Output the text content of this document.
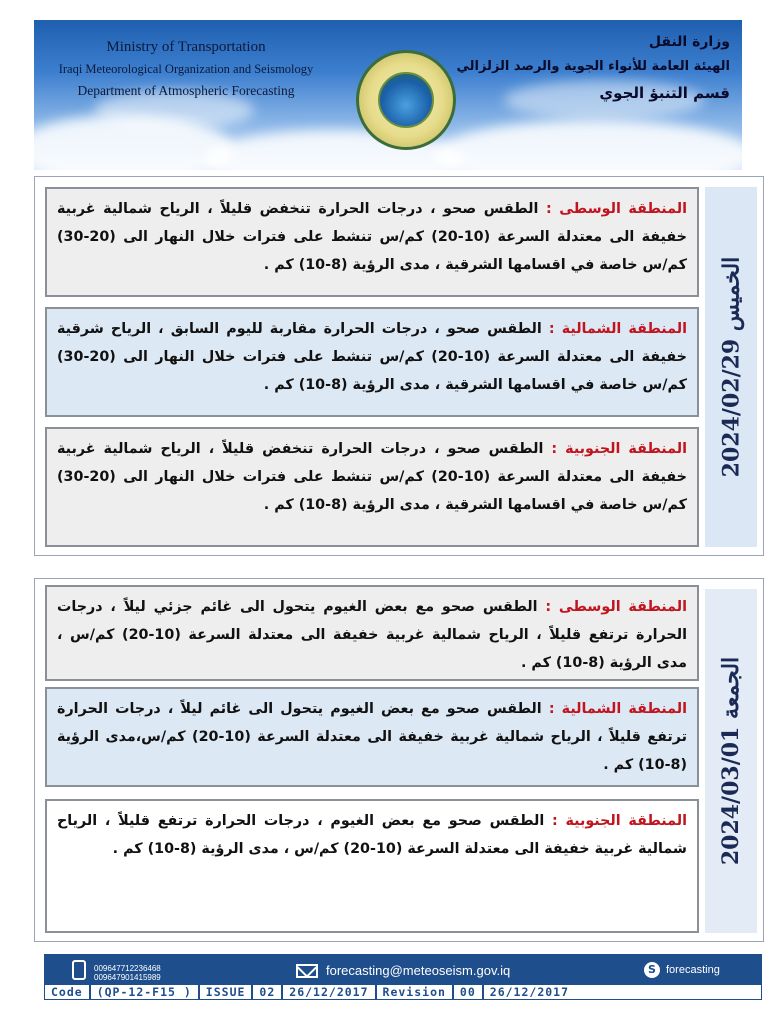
Ministry of Transportation
Iraqi Meteorological Organization and Seismology
Department of Atmospheric Forecasting
وزارة النقل
الهيئة العامة للأنواء الجوية والرصد الزلزالي
قسم التنبؤ الجوي
الخميس 2024/02/29
المنطقة الوسطى : الطقس صحو ، درجات الحرارة تنخفض قليلاً ، الرياح شمالية غربية خفيفة الى معتدلة السرعة (10-20) كم/س تنشط على فترات خلال النهار الى (20-30) كم/س خاصة في اقسامها الشرقية ، مدى الرؤية (8-10) كم .
المنطقة الشمالية : الطقس صحو ، درجات الحرارة مقاربة لليوم السابق ، الرياح شرقية خفيفة الى معتدلة السرعة (10-20) كم/س تنشط على فترات خلال النهار الى (20-30) كم/س خاصة في اقسامها الشرقية ، مدى الرؤية (8-10) كم .
المنطقة الجنوبية : الطقس صحو ، درجات الحرارة تنخفض قليلاً ، الرياح شمالية غربية خفيفة الى معتدلة السرعة (10-20) كم/س تنشط على فترات خلال النهار الى (20-30) كم/س خاصة في اقسامها الشرقية ، مدى الرؤية (8-10) كم .
الجمعة 2024/03/01
المنطقة الوسطى : الطقس صحو مع بعض الغيوم يتحول الى غائم جزئي ليلاً ، درجات الحرارة ترتفع قليلاً ، الرياح شمالية غربية خفيفة الى معتدلة السرعة (10-20) كم/س ، مدى الرؤية (8-10) كم .
المنطقة الشمالية : الطقس صحو مع بعض الغيوم يتحول الى غائم ليلاً ، درجات الحرارة ترتفع قليلاً ، الرياح شمالية غربية خفيفة الى معتدلة السرعة (10-20) كم/س،مدى الرؤية (8-10) كم .
المنطقة الجنوبية : الطقس صحو مع بعض الغيوم ، درجات الحرارة ترتفع قليلاً ، الرياح شمالية غربية خفيفة الى معتدلة السرعة (10-20) كم/س ، مدى الرؤية (8-10) كم .
009647712236468
009647901415989	forecasting@meteoseism.gov.iq	S forecasting
Code	(QP-12-F15 )	ISSUE	02	26/12/2017	Revision	00	26/12/2017
